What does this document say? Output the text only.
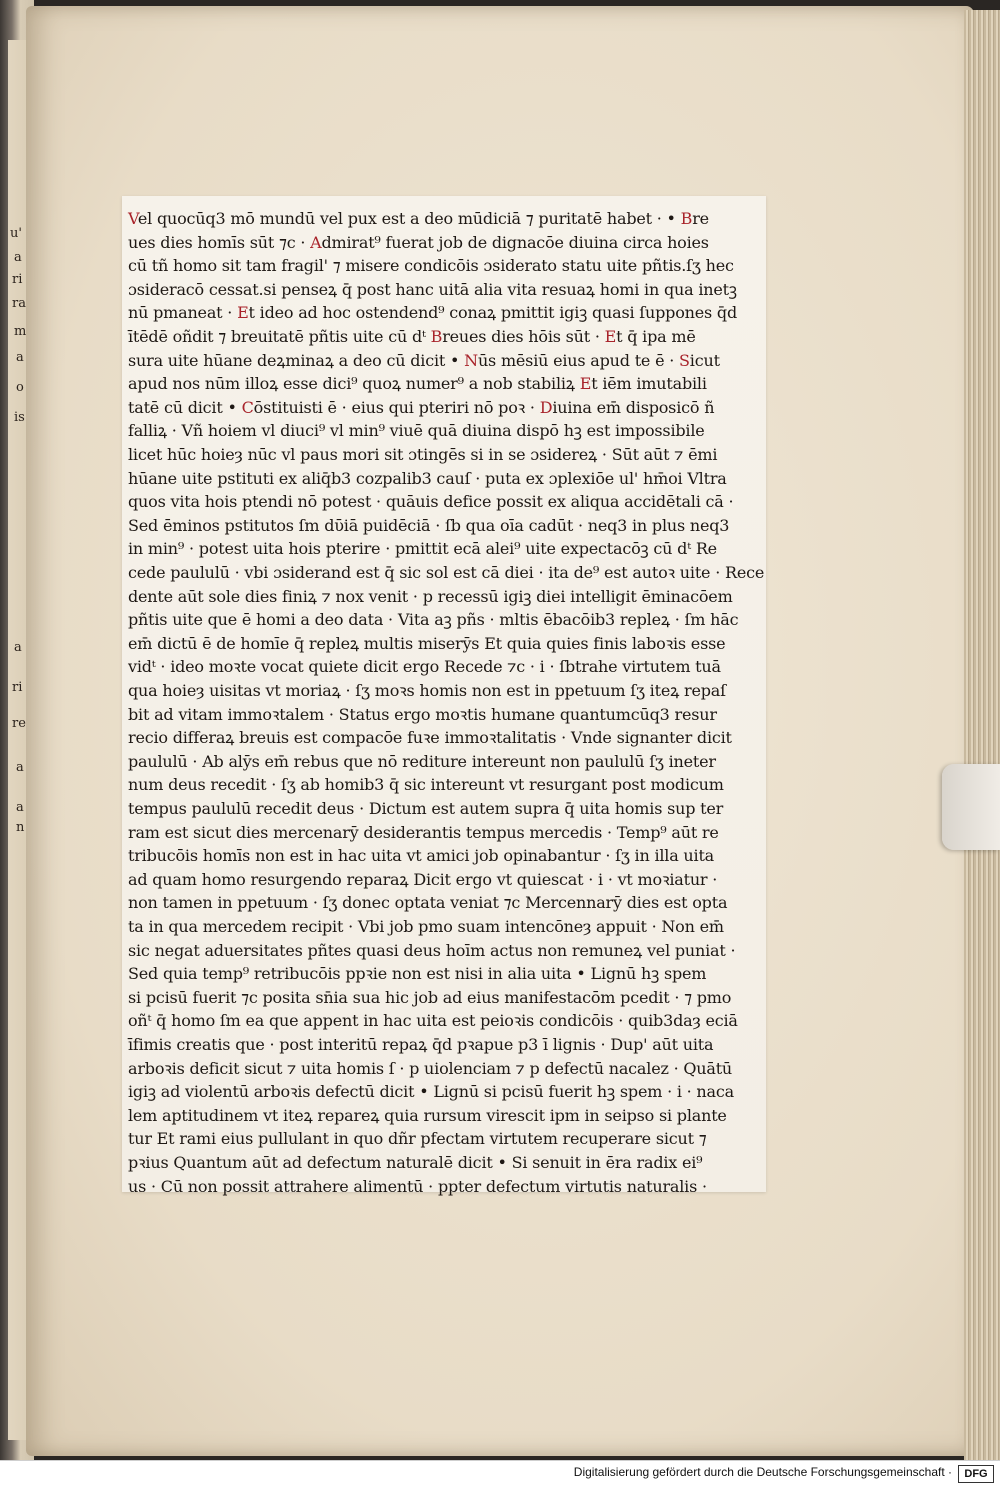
u'
a
ri
ra
m
a
o
is
a
ri
re
a
a
n
Vel quocūq3 mō mundū vel pux est a deo mūdiciā ⁊ puritatē habet · • Bre
ues dies homīs sūt ⁊c · Admirat⁹ fuerat job de dignacōe diuina circa hoies
cū tñ homo sit tam fragil' ⁊ misere condicōis ɔsiderato statu uite pñtis.ſʒ hec
ɔsideracō cessat.si penseꝝ q̄ post hanc uitā alia vita resuaꝝ homi in qua inetꝫ
nū pmaneat · Et ideo ad hoc ostendend⁹ conaꝝ pmittit igiꝫ quasi ſuppones q̄d
ītēdē oñdit ⁊ breuitatē pñtis uite cū dᵗ Breues dies hōis sūt · Et q̄ ipa mē
sura uite hūane deꝝminaꝝ a deo cū dicit • Nūs mēsiū eius apud te ē · Sicut
apud nos nūm illoꝝ esse dici⁹ quoꝝ numer⁹ a nob stabiliꝝ Et iēm imutabili
tatē cū dicit • Cōstituisti ē · eius qui pteriri nō poꝛ · Diuina em̄ disposicō ñ
falliꝝ · Vñ hoiem vl diuci⁹ vl min⁹ viuē quā diuina dispō hꝫ est impossibile
licet hūc hoieȝ nūc vl paus mori sit ɔtingēs si in se ɔsidereꝝ · Sūt aūt ⁊ ēmi
hūane uite pstituti ex aliq̄b3 cozpalib3 cauſ · puta ex ɔplexiōe ul' hm̄oi Vltra
quos vita hois ptendi nō potest · quāuis defice possit ex aliqua accidētali cā ·
Sed ēminos pstitutos ſm dῡiā puidēciā · ſb qua oīa cadūt · neq3 in plus neq3
in min⁹ · potest uita hois pterire · pmittit ecā alei⁹ uite expectacōꝫ cū dᵗ Re
cede paululū · vbi ɔsiderand est q̄ sic sol est cā diei · ita de⁹ est autoꝛ uite · Rece
dente aūt sole dies finiꝝ ⁊ nox venit · p recessū igiꝫ diei intelligit ēminacōem
pñtis uite que ē homi a deo data · Vita aꝫ pñs · mltis ēbacōib3 repleꝝ · ſm hāc
em̄ dictū ē de homīe q̄ repleꝝ multis miserȳs Et quia quies finis laboꝛis esse
vidᵗ · ideo moꝛte vocat quiete dicit ergo Recede ⁊c · i · ſbtrahe virtutem tuā
qua hoieȝ uisitas vt moriaꝝ · ſʒ moꝛs homis non est in ppetuum ſʒ iteꝝ repaſ
bit ad vitam immoꝛtalem · Status ergo moꝛtis humane quantumcūq3 resur
recio differaꝝ breuis est compacōe fuꝛe immoꝛtalitatis · Vnde signanter dicit
paululū · Ab alȳs em̄ rebus que nō rediture intereunt non paululū ſʒ ineter
num deus recedit · ſʒ ab homib3 q̄ sic intereunt vt resurgant post modicum
tempus paululū recedit deus · Dictum est autem supra q̄ uita homis sup ter
ram est sicut dies mercenarȳ desiderantis tempus mercedis · Temp⁹ aūt re
tribucōis homīs non est in hac uita vt amici job opinabantur · ſʒ in illa uita
ad quam homo resurgendo reparaꝝ Dicit ergo vt quiescat · i · vt moꝛiatur ·
non tamen in ppetuum · ſʒ donec optata veniat ⁊c Mercennarȳ dies est opta
ta in qua mercedem recipit · Vbi job pmo suam intencōneȝ appuit · Non em̄
sic negat aduersitates pñtes quasi deus hoīm actus non remuneꝝ vel puniat ·
Sed quia temp⁹ retribucōis ppꝛie non est nisi in alia uita • Lignū hꝫ spem
si pcisū fuerit ⁊c posita sn̄ia sua hic job ad eius manifestacōm pcedit · ⁊ pmo
oñᵗ q̄ homo ſm ea que appent in hac uita est peioꝛis condicōis · quib3daȝ eciā
īfimis creatis que · post interitū repaꝝ q̄d pꝛapue p3 ī lignis · Dup' aūt uita
arboꝛis deficit sicut ⁊ uita homis ſ · p uiolenciam ⁊ p defectū nacalez · Quātū
igiꝫ ad violentū arboꝛis defectū dicit • Lignū si pcisū fuerit hꝫ spem · i · naca
lem aptitudinem vt iteꝝ repareꝝ quia rursum virescit ipm in seipso si plante
tur Et rami eius pullulant in quo dñr pfectam virtutem recuperare sicut ⁊
pꝛius Quantum aūt ad defectum naturalē dicit • Si senuit in ēra radix ei⁹
us · Cū non possit attrahere alimentū · ppter defectum virtutis naturalis ·
Digitalisierung gefördert durch die Deutsche Forschungsgemeinschaft ·	DFG
